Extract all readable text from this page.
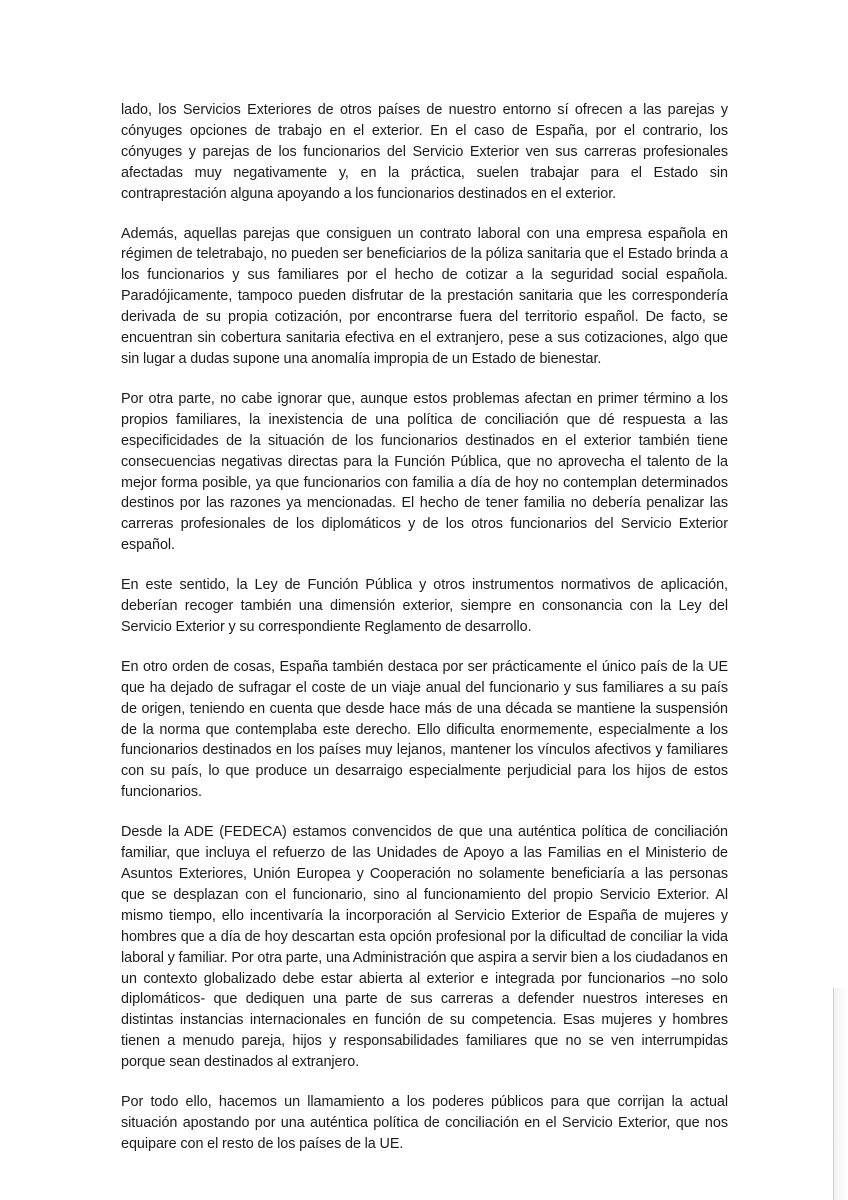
lado, los Servicios Exteriores de otros países de nuestro entorno sí ofrecen a las parejas y cónyuges opciones de trabajo en el exterior. En el caso de España, por el contrario, los cónyuges y parejas de los funcionarios del Servicio Exterior ven sus carreras profesionales afectadas muy negativamente y, en la práctica, suelen trabajar para el Estado sin contraprestación alguna apoyando a los funcionarios destinados en el exterior.

Además, aquellas parejas que consiguen un contrato laboral con una empresa española en régimen de teletrabajo, no pueden ser beneficiarios de la póliza sanitaria que el Estado brinda a los funcionarios y sus familiares por el hecho de cotizar a la seguridad social española. Paradójicamente, tampoco pueden disfrutar de la prestación sanitaria que les correspondería derivada de su propia cotización, por encontrarse fuera del territorio español. De facto, se encuentran sin cobertura sanitaria efectiva en el extranjero, pese a sus cotizaciones, algo que sin lugar a dudas supone una anomalía impropia de un Estado de bienestar.

Por otra parte, no cabe ignorar que, aunque estos problemas afectan en primer término a los propios familiares, la inexistencia de una política de conciliación que dé respuesta a las especificidades de la situación de los funcionarios destinados en el exterior también tiene consecuencias negativas directas para la Función Pública, que no aprovecha el talento de la mejor forma posible, ya que funcionarios con familia a día de hoy no contemplan determinados destinos por las razones ya mencionadas. El hecho de tener familia no debería penalizar las carreras profesionales de los diplomáticos y de los otros funcionarios del Servicio Exterior español.

En este sentido, la Ley de Función Pública y otros instrumentos normativos de aplicación, deberían recoger también una dimensión exterior, siempre en consonancia con la Ley del Servicio Exterior y su correspondiente Reglamento de desarrollo.

En otro orden de cosas, España también destaca por ser prácticamente el único país de la UE que ha dejado de sufragar el coste de un viaje anual del funcionario y sus familiares a su país de origen, teniendo en cuenta que desde hace más de una década se mantiene la suspensión de la norma que contemplaba este derecho. Ello dificulta enormemente, especialmente a los funcionarios destinados en los países muy lejanos, mantener los vínculos afectivos y familiares con su país, lo que produce un desarraigo especialmente perjudicial para los hijos de estos funcionarios.

Desde la ADE (FEDECA) estamos convencidos de que una auténtica política de conciliación familiar, que incluya el refuerzo de las Unidades de Apoyo a las Familias en el Ministerio de Asuntos Exteriores, Unión Europea y Cooperación no solamente beneficiaría a las personas que se desplazan con el funcionario, sino al funcionamiento del propio Servicio Exterior. Al mismo tiempo, ello incentivaría la incorporación al Servicio Exterior de España de mujeres y hombres que a día de hoy descartan esta opción profesional por la dificultad de conciliar la vida laboral y familiar. Por otra parte, una Administración que aspira a servir bien a los ciudadanos en un contexto globalizado debe estar abierta al exterior e integrada por funcionarios –no solo diplomáticos- que dediquen una parte de sus carreras a defender nuestros intereses en distintas instancias internacionales en función de su competencia. Esas mujeres y hombres tienen a menudo pareja, hijos y responsabilidades familiares que no se ven interrumpidas porque sean destinados al extranjero.

Por todo ello, hacemos un llamamiento a los poderes públicos para que corrijan la actual situación apostando por una auténtica política de conciliación en el Servicio Exterior, que nos equipare con el resto de los países de la UE.
